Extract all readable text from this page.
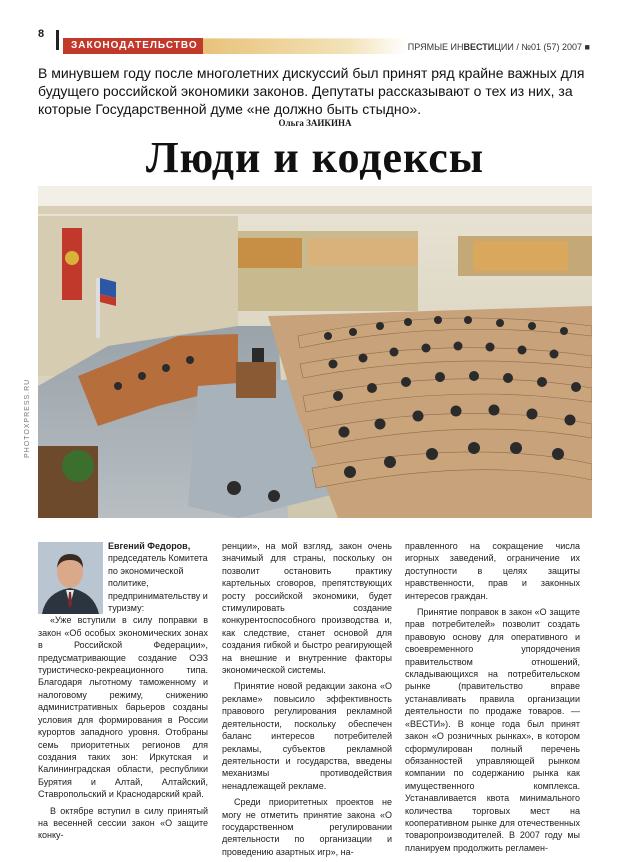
8
ЗАКОНОДАТЕЛЬСТВО	ПРЯМЫЕ ИНВЕСТИЦИИ / №01 (57) 2007 ■
В минувшем году после многолетних дискуссий был принят ряд крайне важных для будущего российской экономики законов. Депутаты рассказывают о тех из них, за которые Государственной думе «не должно быть стыдно».
Ольга ЗАИКИНА
Люди и кодексы
PHOTOXPRESS.RU
Евгений Федоров,
председатель Комитета по экономической политике, предпринимательству и туризму:

«Уже вступили в силу поправки в закон «Об особых экономических зонах в Российской Федерации», предусматривающие создание ОЭЗ туристическо-рекреационного типа. Благодаря льготному таможенному и налоговому режиму, снижению административных барьеров созданы условия для формирования в России курортов западного уровня. Отобраны семь приоритетных регионов для создания таких зон: Иркутская и Калининградская области, республики Бурятия и Алтай, Алтайский, Ставропольский и Краснодарский край.

В октябре вступил в силу принятый на весенней сессии закон «О защите конку-

ренции», на мой взгляд, закон очень значимый для страны, поскольку он позволит остановить практику картельных сговоров, препятствующих росту российской экономики, будет стимулировать создание конкурентоспособного производства и, как следствие, станет основой для создания гибкой и быстро реагирующей на внешние и внутренние факторы экономической системы.

Принятие новой редакции закона «О рекламе» повысило эффективность правового регулирования рекламной деятельности, поскольку обеспечен баланс интересов потребителей рекламы, субъектов рекламной деятельности и государства, введены механизмы противодействия ненадлежащей рекламе.

Среди приоритетных проектов не могу не отметить принятие закона «О государственном регулировании деятельности по организации и проведению азартных игр», на-

правленного на сокращение числа игорных заведений, ограничение их доступности в целях защиты нравственности, прав и законных интересов граждан.

Принятие поправок в закон «О защите прав потребителей» позволит создать правовую основу для оперативного и своевременного упорядочения правительством отношений, складывающихся на потребительском рынке (правительство вправе устанавливать правила организации деятельности по продаже товаров. — «ВЕСТИ»). В конце года был принят закон «О розничных рынках», в котором сформулирован полный перечень обязанностей управляющей рынком компании по содержанию рынка как имущественного комплекса. Устанавливается квота минимального количества торговых мест на кооперативном рынке для отечественных товаропроизводителей. В 2007 году мы планируем продолжить регламен-
